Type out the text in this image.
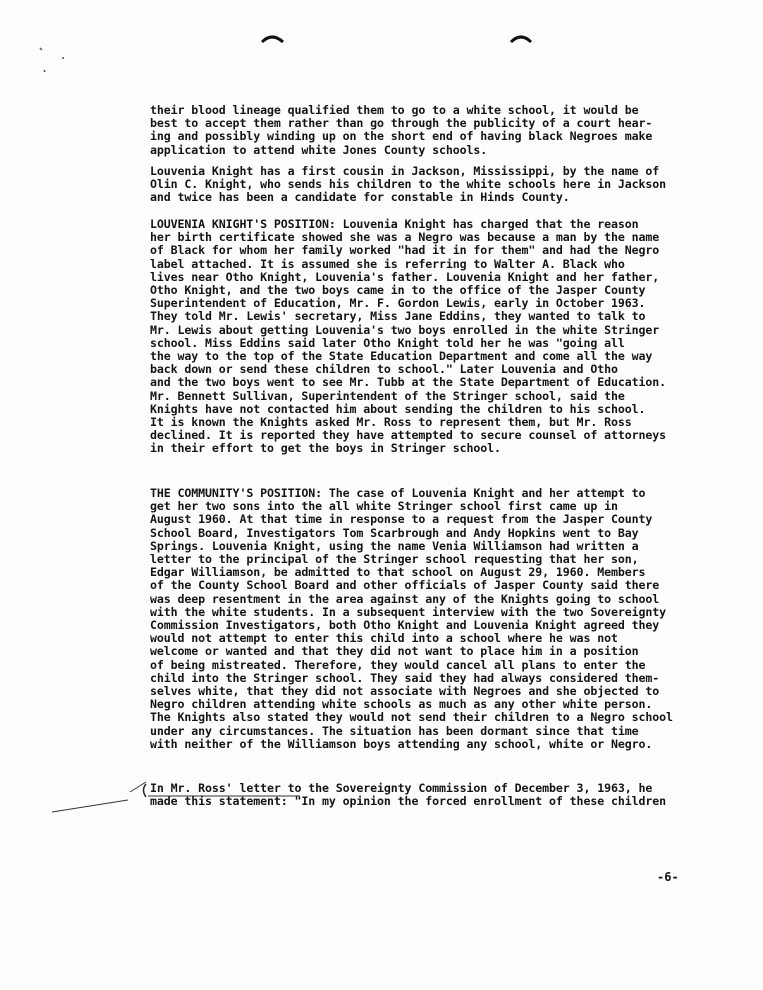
their blood lineage qualified them to go to a white school, it would be
best to accept them rather than go through the publicity of a court hear-
ing and possibly winding up on the short end of having black Negroes make
application to attend white Jones County schools.
Louvenia Knight has a first cousin in Jackson, Mississippi, by the name of
Olin C. Knight, who sends his children to the white schools here in Jackson
and twice has been a candidate for constable in Hinds County.
LOUVENIA KNIGHT'S POSITION: Louvenia Knight has charged that the reason
her birth certificate showed she was a Negro was because a man by the name
of Black for whom her family worked "had it in for them" and had the Negro
label attached. It is assumed she is referring to Walter A. Black who
lives near Otho Knight, Louvenia's father. Louvenia Knight and her father,
Otho Knight, and the two boys came in to the office of the Jasper County
Superintendent of Education, Mr. F. Gordon Lewis, early in October 1963.
They told Mr. Lewis' secretary, Miss Jane Eddins, they wanted to talk to
Mr. Lewis about getting Louvenia's two boys enrolled in the white Stringer
school. Miss Eddins said later Otho Knight told her he was "going all
the way to the top of the State Education Department and come all the way
back down or send these children to school." Later Louvenia and Otho
and the two boys went to see Mr. Tubb at the State Department of Education.
Mr. Bennett Sullivan, Superintendent of the Stringer school, said the
Knights have not contacted him about sending the children to his school.
It is known the Knights asked Mr. Ross to represent them, but Mr. Ross
declined. It is reported they have attempted to secure counsel of attorneys
in their effort to get the boys in Stringer school.
THE COMMUNITY'S POSITION: The case of Louvenia Knight and her attempt to
get her two sons into the all white Stringer school first came up in
August 1960. At that time in response to a request from the Jasper County
School Board, Investigators Tom Scarbrough and Andy Hopkins went to Bay
Springs. Louvenia Knight, using the name Venia Williamson had written a
letter to the principal of the Stringer school requesting that her son,
Edgar Williamson, be admitted to that school on August 29, 1960. Members
of the County School Board and other officials of Jasper County said there
was deep resentment in the area against any of the Knights going to school
with the white students. In a subsequent interview with the two Sovereignty
Commission Investigators, both Otho Knight and Louvenia Knight agreed they
would not attempt to enter this child into a school where he was not
welcome or wanted and that they did not want to place him in a position
of being mistreated. Therefore, they would cancel all plans to enter the
child into the Stringer school. They said they had always considered them-
selves white, that they did not associate with Negroes and she objected to
Negro children attending white schools as much as any other white person.
The Knights also stated they would not send their children to a Negro school
under any circumstances. The situation has been dormant since that time
with neither of the Williamson boys attending any school, white or Negro.
In Mr. Ross' letter to the Sovereignty Commission of December 3, 1963, he
made this statement: "In my opinion the forced enrollment of these children
-6-
